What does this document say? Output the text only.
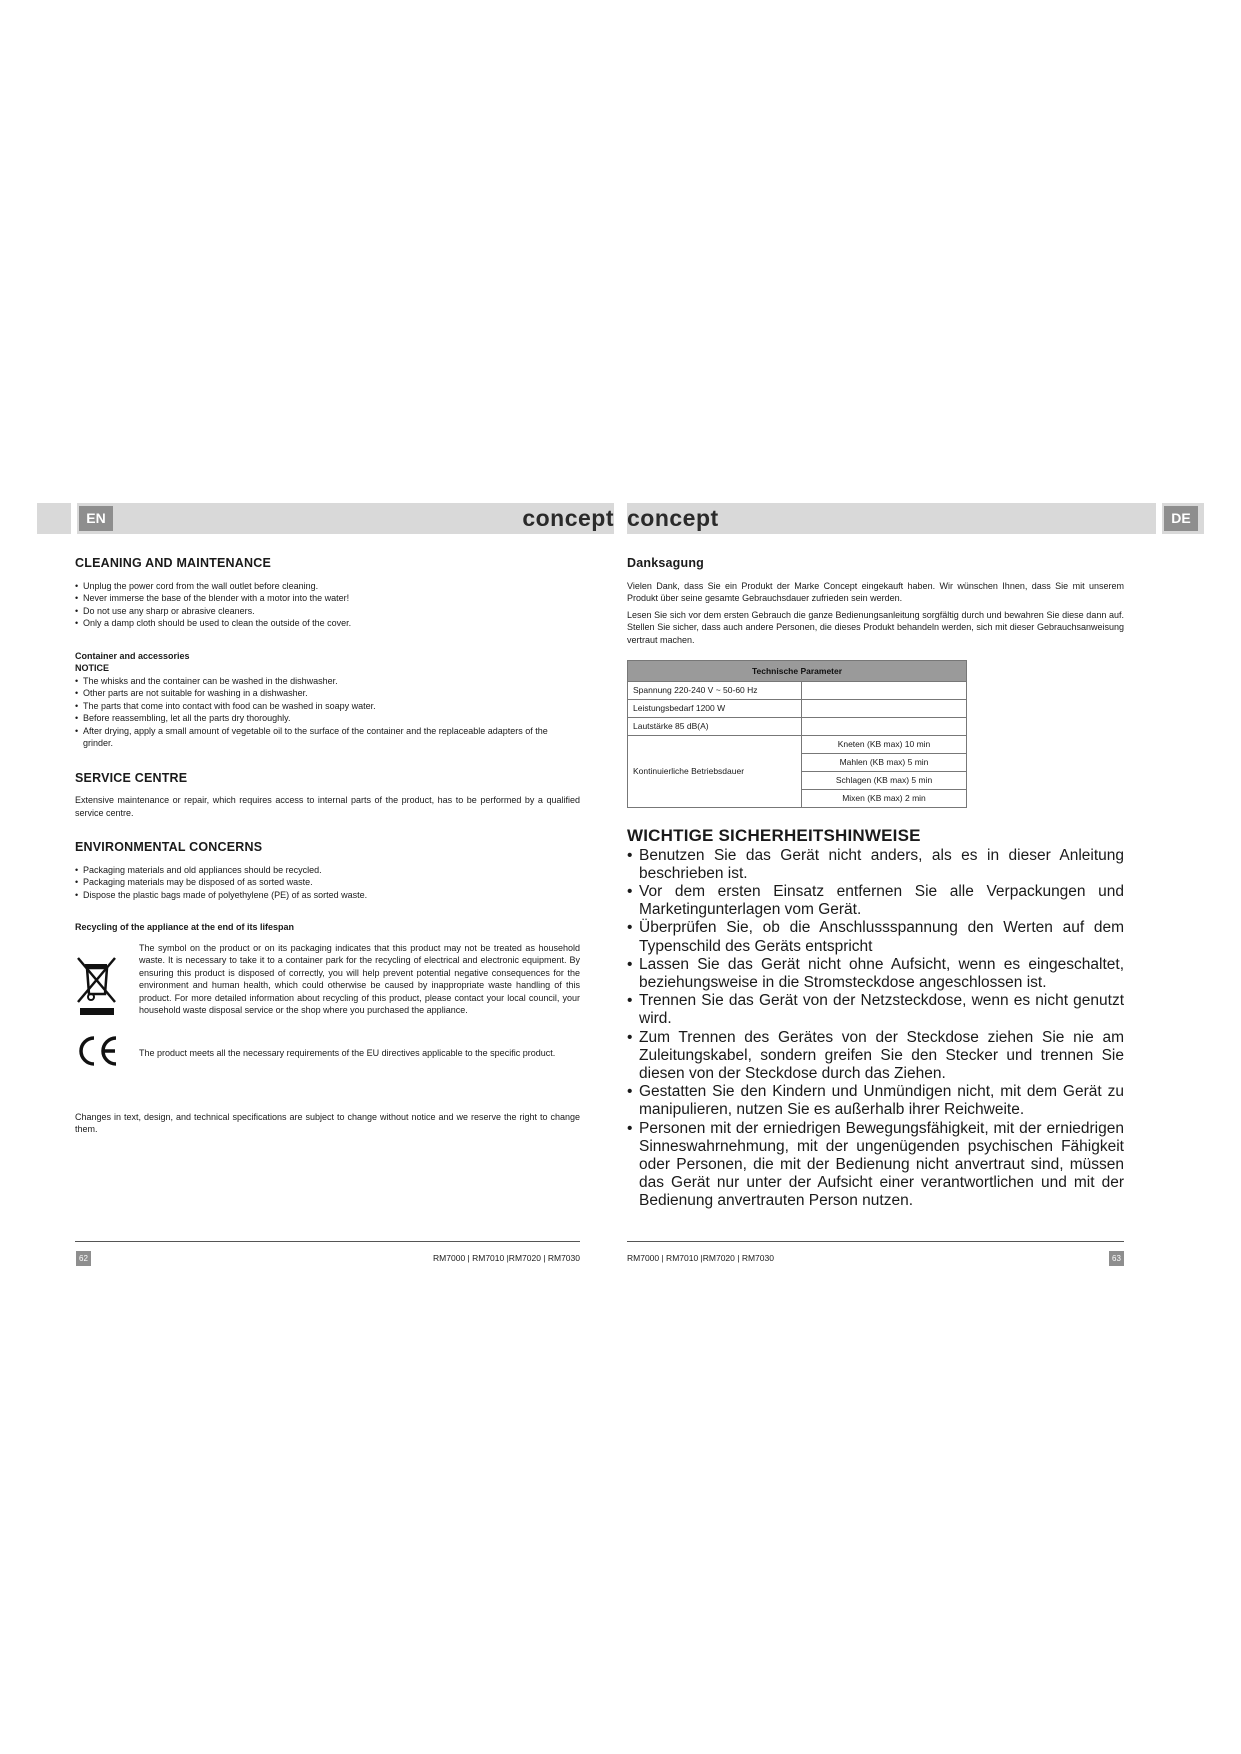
EN	concept
CLEANING AND MAINTENANCE
• Unplug the power cord from the wall outlet before cleaning.
• Never immerse the base of the blender with a motor into the water!
• Do not use any sharp or abrasive cleaners.
• Only a damp cloth should be used to clean the outside of the cover.
Container and accessories
NOTICE
• The whisks and the container can be washed in the dishwasher.
• Other parts are not suitable for washing in a dishwasher.
• The parts that come into contact with food can be washed in soapy water.
• Before reassembling, let all the parts dry thoroughly.
• After drying, apply a small amount of vegetable oil to the surface of the container and the replaceable adapters of the grinder.
SERVICE CENTRE

Extensive maintenance or repair, which requires access to internal parts of the product, has to be performed by a qualified service centre.

ENVIRONMENTAL CONCERNS
• Packaging materials and old appliances should be recycled.
• Packaging materials may be disposed of as sorted waste.
• Dispose the plastic bags made of polyethylene (PE) of as sorted waste.
Recycling of the appliance at the end of its lifespan

The symbol on the product or on its packaging indicates that this product may not be treated as household waste. It is necessary to take it to a container park for the recycling of electrical and electronic equipment. By ensuring this product is disposed of correctly, you will help prevent potential negative consequences for the environment and human health, which could otherwise be caused by inappropriate waste handling of this product. For more detailed information about recycling of this product, please contact your local council, your household waste disposal service or the shop where you purchased the appliance.

The product meets all the necessary requirements of the EU directives applicable to the specific product.

Changes in text, design, and technical specifications are subject to change without notice and we reserve the right to change them.

62	RM7000 | RM7010 |RM7020 | RM7030
concept	DE
Danksagung

Vielen Dank, dass Sie ein Produkt der Marke Concept eingekauft haben. Wir wünschen Ihnen, dass Sie mit unserem Produkt über seine gesamte Gebrauchsdauer zufrieden sein werden.

Lesen Sie sich vor dem ersten Gebrauch die ganze Bedienungsanleitung sorgfältig durch und bewahren Sie diese dann auf. Stellen Sie sicher, dass auch andere Personen, die dieses Produkt behandeln werden, sich mit dieser Gebrauchsanweisung vertraut machen.

Technische Parameter	
Spannung 220-240 V ~ 50-60 Hz	
Leistungsbedarf 1200 W	
Lautstärke 85 dB(A)	
Kontinuierliche Betriebsdauer	Kneten (KB max) 10 min
	Mahlen (KB max) 5 min
	Schlagen (KB max) 5 min
	Mixen (KB max) 2 min
WICHTIGE SICHERHEITSHINWEISE
• Benutzen Sie das Gerät nicht anders, als es in dieser Anleitung beschrieben ist.
• Vor dem ersten Einsatz entfernen Sie alle Verpackungen und Marketingunterlagen vom Gerät.
• Überprüfen Sie, ob die Anschlussspannung den Werten auf dem Typenschild des Geräts entspricht
• Lassen Sie das Gerät nicht ohne Aufsicht, wenn es eingeschaltet, beziehungsweise in die Stromsteckdose angeschlossen ist.
• Trennen Sie das Gerät von der Netzsteckdose, wenn es nicht genutzt wird.
• Zum Trennen des Gerätes von der Steckdose ziehen Sie nie am Zuleitungskabel, sondern greifen Sie den Stecker und trennen Sie diesen von der Steckdose durch das Ziehen.
• Gestatten Sie den Kindern und Unmündigen nicht, mit dem Gerät zu manipulieren, nutzen Sie es außerhalb ihrer Reichweite.
• Personen mit der erniedrigen Bewegungsfähigkeit, mit der erniedrigen Sinneswahrnehmung, mit der ungenügenden psychischen Fähigkeit oder Personen, die mit der Bedienung nicht anvertraut sind, müssen das Gerät nur unter der Aufsicht einer verantwortlichen und mit der Bedienung anvertrauten Person nutzen.
RM7000 | RM7010 |RM7020 | RM7030	63
